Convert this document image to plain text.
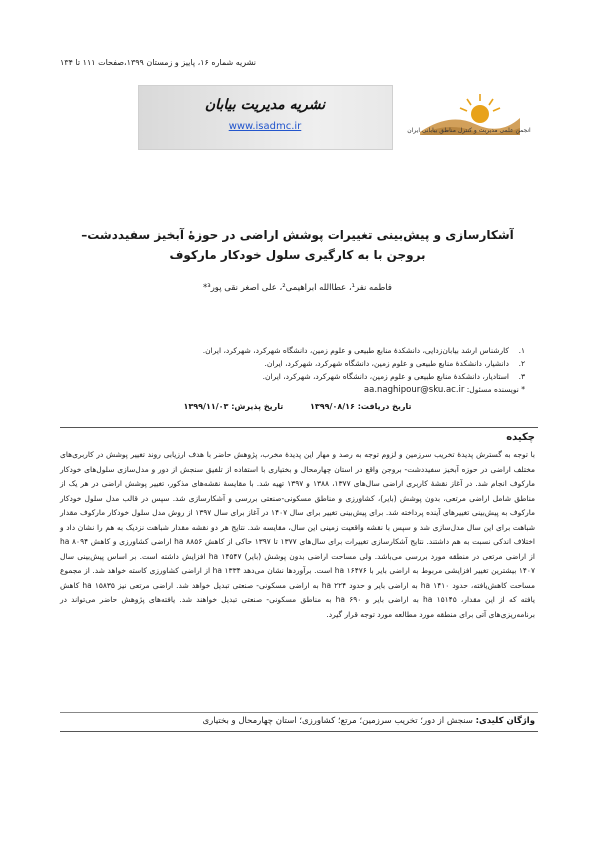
نشریه شماره ۱۶، پاییز و زمستان ۱۳۹۹،صفحات ۱۱۱ تا ۱۳۴
نشریه مدیریت بیابان
www.isadmc.ir	انجمن علمی مدیریت و کنترل مناطق بیابانی ایران
آشکارسازی و پیش‌بینی تغییرات پوشش اراضی در حوزۀ آبخیز سفیددشت– بروجن با به کارگیری سلول خودکار مارکوف
فاطمه نفر¹، عطاالله ابراهیمی²، علی اصغر نقی پور³*
۱.
کارشناس ارشد بیابان‌زدایی، دانشکدۀ منابع طبیعی و علوم زمین، دانشگاه شهرکرد، شهرکرد، ایران.
۲.
دانشیار، دانشکدۀ منابع طبیعی و علوم زمین، دانشگاه شهرکرد، شهرکرد، ایران.
۳.
استادیار، دانشکدۀ منابع طبیعی و علوم زمین، دانشگاه شهرکرد، شهرکرد، ایران.
* نویسنده مسئول: aa.naghipour@sku.ac.ir
تاریخ دریافت: ۱۳۹۹/۰۸/۱۶ تاریخ پذیرش: ۱۳۹۹/۱۱/۰۳
چکیده
با توجه به گسترش پدیدۀ تخریب سرزمین و لزوم توجه به رصد و مهار این پدیدۀ مخرب، پژوهش حاضر با هدف ارزیابی روند تغییر پوشش در کاربری‌های مختلف اراضی در حوزه آبخیز سفیددشت- بروجن واقع در استان چهارمحال و بختیاری با استفاده از تلفیق سنجش از دور و مدل‌سازی سلول‌های خودکار مارکوف انجام شد. در آغاز نقشۀ کاربری اراضی سال‌های ۱۳۷۷، ۱۳۸۸ و ۱۳۹۷ تهیه شد. با مقایسۀ نقشه‌های مذکور، تغییر پوشش اراضی در هر یک از مناطق شامل اراضی مرتعی، بدون پوشش (بایر)، کشاورزی و مناطق مسکونی-صنعتی بررسی و آشکارسازی شد. سپس در قالب مدل سلول خودکار مارکوف به پیش‌بینی تغییرهای آینده پرداخته شد. برای پیش‌بینی تغییر برای سال ۱۴۰۷ در آغاز برای سال ۱۳۹۷ از روش مدل سلول خودکار مارکوف مقدار شباهت برای این سال مدل‌سازی شد و سپس با نقشه واقعیت زمینی این سال، مقایسه شد. نتایج هر دو نقشه مقدار شباهت نزدیک به هم را نشان داد و اختلاف اندکی نسبت به هم داشتند. نتایج آشکارسازی تغییرات برای سال‌های ۱۳۷۷ تا ۱۳۹۷ حاکی از کاهش ha ۸۸۵۶ اراضی کشاورزی و کاهش ha ۸۰۹۴ از اراضی مرتعی در منطقه مورد بررسی می‌باشد. ولی مساحت اراضی بدون پوشش (بایر) ha ۱۴۵۴۷ افزایش داشته است. بر اساس پیش‌بینی سال ۱۴۰۷ بیشترین تغییر افزایشی مربوط به اراضی بایر با ha ۱۶۴۷۶ است. برآوردها نشان می‌دهد ha ۱۳۳۴ از اراضی کشاورزی کاسته خواهد شد. از مجموع مساحت کاهش‌یافته، حدود ha ۱۴۱۰ به اراضی بایر و حدود ha ۲۲۴ به اراضی مسکونی- صنعتی تبدیل خواهد شد. اراضی مرتعی نیز ha ۱۵۸۳۵ کاهش یافته که از این مقدار، ha ۱۵۱۴۵ به اراضی بایر و ha ۶۹۰ به مناطق مسکونی- صنعتی تبدیل خواهند شد. یافته‌های پژوهش حاضر می‌تواند در برنامه‌ریزی‌های آتی برای منطقه مورد مطالعه مورد توجه قرار گیرد.
واژگان کلیدی: سنجش از دور؛ تخریب سرزمین؛ مرتع؛ کشاورزی؛ استان چهارمحال و بختیاری
